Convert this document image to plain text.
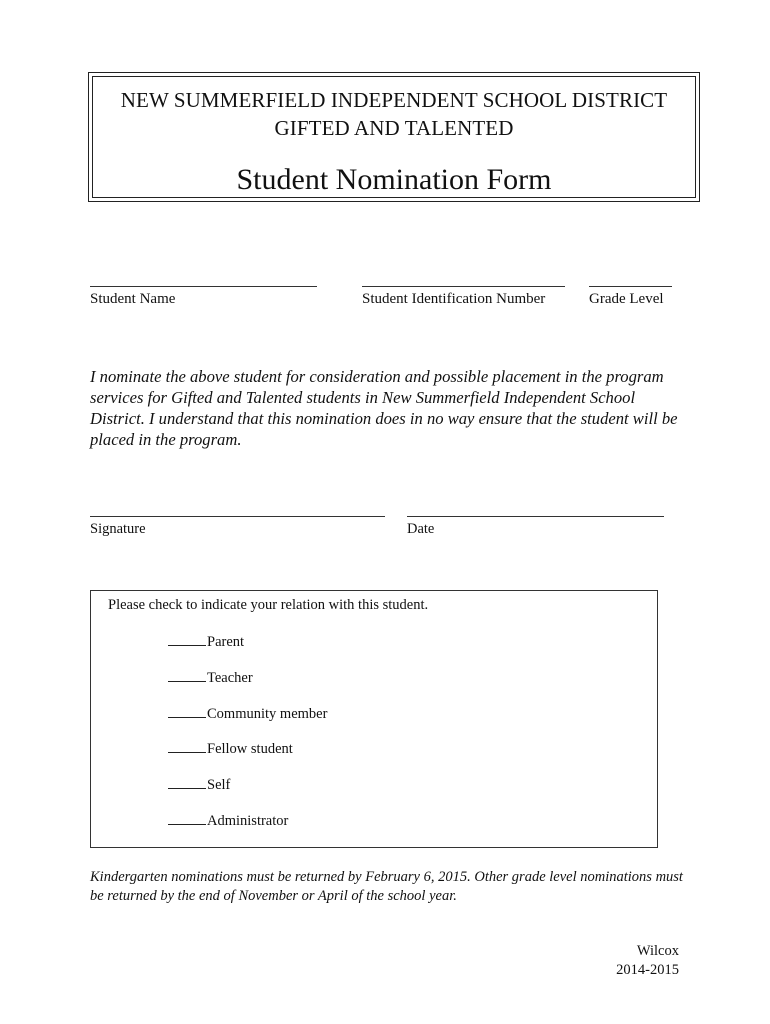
NEW SUMMERFIELD INDEPENDENT SCHOOL DISTRICT
GIFTED AND TALENTED
Student Nomination Form
Student Name	Student Identification Number	Grade Level
I nominate the above student for consideration and possible placement in the program services for Gifted and Talented students in New Summerfield Independent School District. I understand that this nomination does in no way ensure that the student will be placed in the program.
Signature	Date
Please check to indicate your relation with this student.
Parent
Teacher
Community member
Fellow student
Self
Administrator
Kindergarten nominations must be returned by February 6, 2015. Other grade level nominations must be returned by the end of November or April of the school year.
Wilcox
2014-2015
